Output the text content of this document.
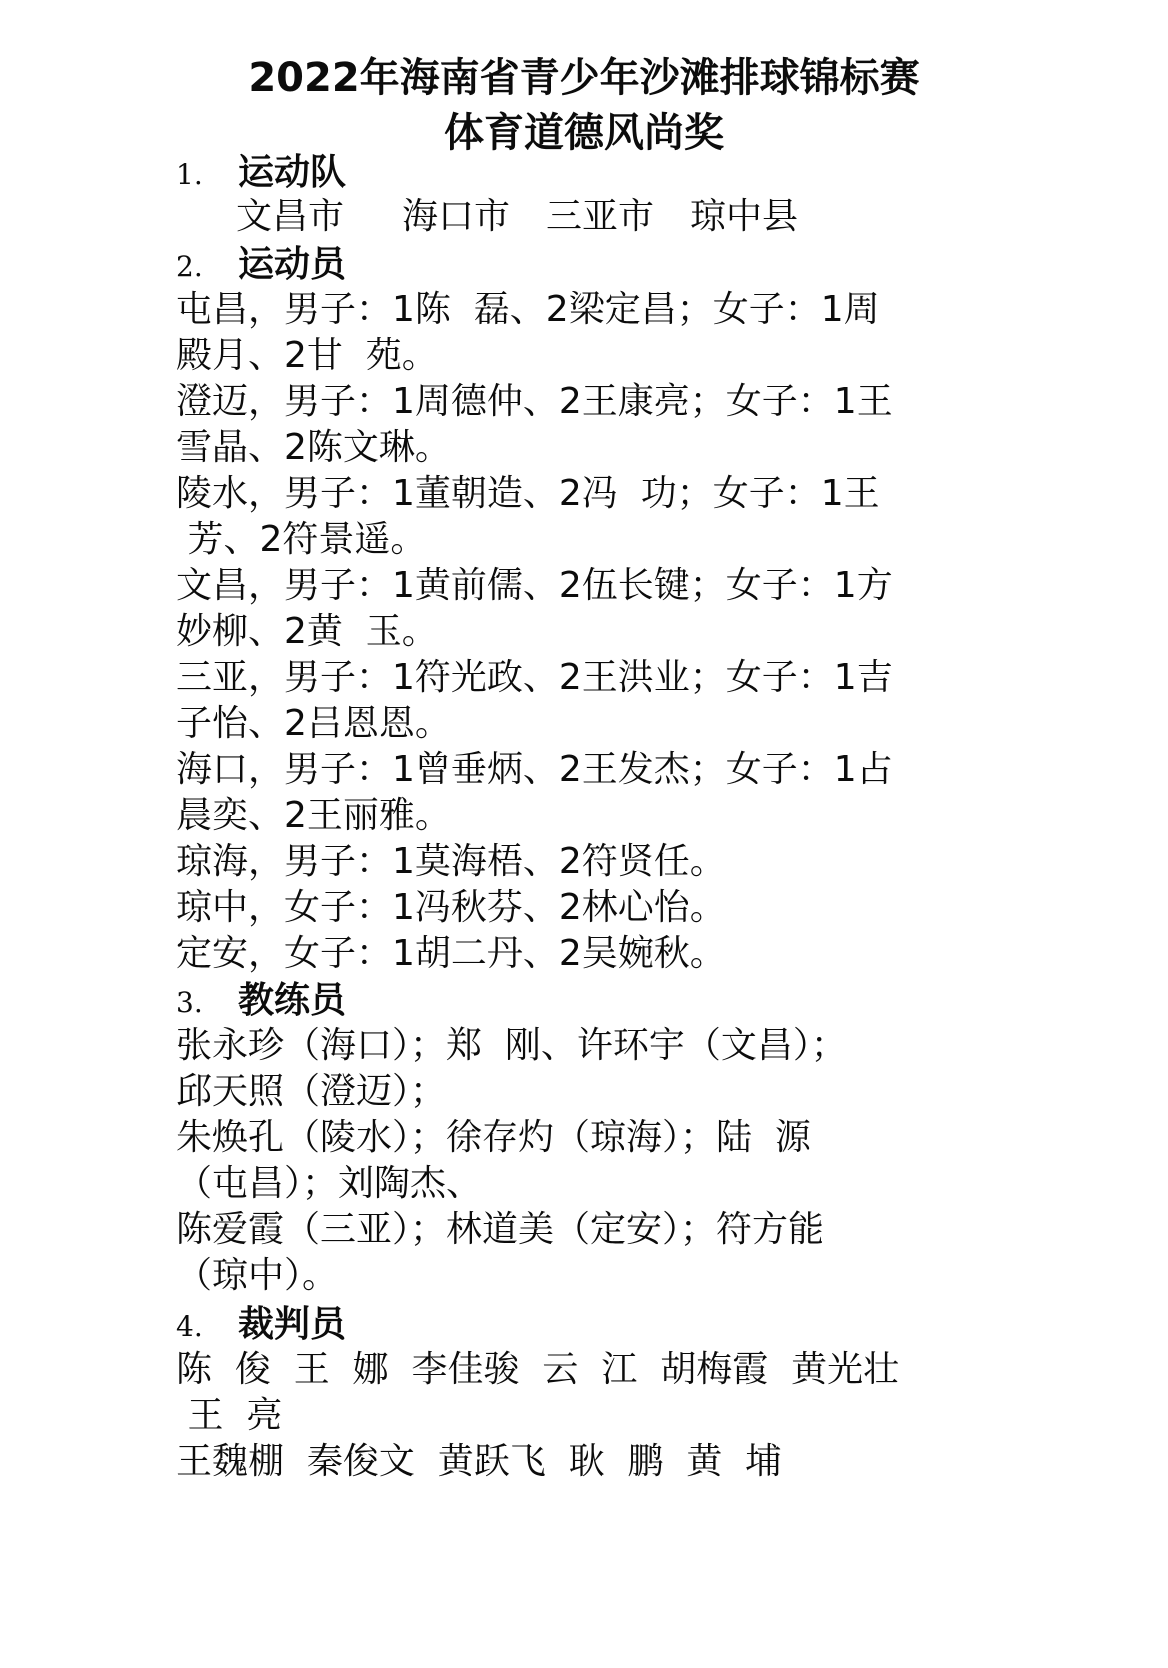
2022年海南省青少年沙滩排球锦标赛
体育道德风尚奖
1. 运动队

文昌市

海口市

三亚市

琼中县

2. 运动员
屯昌，男子：1陈  磊、2梁定昌；女子：1周
殿月、2甘  苑。
澄迈，男子：1周德仲、2王康亮；女子：1王
雪晶、2陈文琳。
陵水，男子：1董朝造、2冯  功；女子：1王
芳、2符景遥。
文昌，男子：1黄前儒、2伍长键；女子：1方
妙柳、2黄  玉。
三亚，男子：1符光政、2王洪业；女子：1吉
子怡、2吕恩恩。
海口，男子：1曾垂炳、2王发杰；女子：1占
晨奕、2王丽雅。
琼海，男子：1莫海梧、2符贤任。
琼中，女子：1冯秋芬、2林心怡。
定安，女子：1胡二丹、2吴婉秋。
3. 教练员
张永珍（海口）；郑  刚、许环宇（文昌）；
邱天照（澄迈）；
朱焕孔（陵水）；徐存灼（琼海）；陆  源
（屯昌）；刘陶杰、
陈爱霞（三亚）；林道美（定安）；符方能
（琼中）。
4. 裁判员
陈  俊  王  娜  李佳骏  云  江  胡梅霞  黄光壮
王  亮
王魏棚  秦俊文  黄跃飞  耿  鹏  黄  埔
